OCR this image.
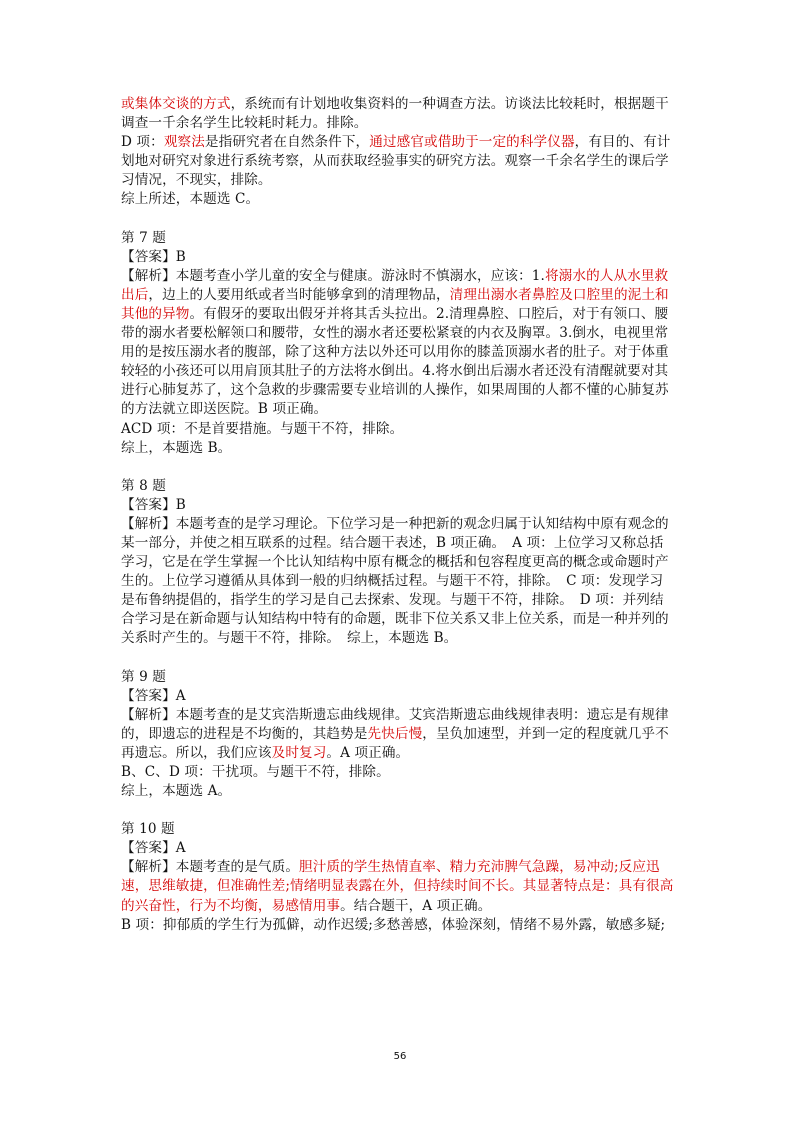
或集体交谈的方式，系统而有计划地收集资料的一种调查方法。访谈法比较耗时，根据题干
调查一千余名学生比较耗时耗力。排除。
D 项：观察法是指研究者在自然条件下，通过感官或借助于一定的科学仪器，有目的、有计
划地对研究对象进行系统考察，从而获取经验事实的研究方法。观察一千余名学生的课后学
习情况，不现实，排除。
综上所述，本题选 C。
第 7 题
【答案】B
【解析】本题考查小学儿童的安全与健康。游泳时不慎溺水，应该：1.将溺水的人从水里救
出后，边上的人要用纸或者当时能够拿到的清理物品，清理出溺水者鼻腔及口腔里的泥土和
其他的异物。有假牙的要取出假牙并将其舌头拉出。2.清理鼻腔、口腔后，对于有领口、腰
带的溺水者要松解领口和腰带，女性的溺水者还要松紧衰的内衣及胸罩。3.倒水，电视里常
用的是按压溺水者的腹部，除了这种方法以外还可以用你的膝盖顶溺水者的肚子。对于体重
较轻的小孩还可以用肩顶其肚子的方法将水倒出。4.将水倒出后溺水者还没有清醒就要对其
进行心肺复苏了，这个急救的步骤需要专业培训的人操作，如果周围的人都不懂的心肺复苏
的方法就立即送医院。B 项正确。
ACD 项：不是首要措施。与题干不符，排除。
综上，本题选 B。
第 8 题
【答案】B
【解析】本题考查的是学习理论。下位学习是一种把新的观念归属于认知结构中原有观念的
某一部分，并使之相互联系的过程。结合题干表述，B 项正确。　A 项：上位学习又称总括
学习，它是在学生掌握一个比认知结构中原有概念的概括和包容程度更高的概念或命题时产
生的。上位学习遵循从具体到一般的归纳概括过程。与题干不符，排除。　C 项：发现学习
是布鲁纳提倡的，指学生的学习是自己去探索、发现。与题干不符，排除。　D 项：并列结
合学习是在新命题与认知结构中特有的命题，既非下位关系又非上位关系，而是一种并列的
关系时产生的。与题干不符，排除。　综上，本题选 B。
第 9 题
【答案】A
【解析】本题考查的是艾宾浩斯遗忘曲线规律。艾宾浩斯遗忘曲线规律表明：遗忘是有规律
的，即遗忘的进程是不均衡的，其趋势是先快后慢，呈负加速型，并到一定的程度就几乎不
再遗忘。所以，我们应该及时复习。A 项正确。
B、C、D 项：干扰项。与题干不符，排除。
综上，本题选 A。
第 10 题
【答案】A
【解析】本题考查的是气质。胆汁质的学生热情直率、精力充沛脾气急躁，易冲动;反应迅
速，思维敏捷，但准确性差;情绪明显表露在外，但持续时间不长。其显著特点是：具有很高
的兴奋性，行为不均衡，易感情用事。结合题干，A 项正确。
B 项：抑郁质的学生行为孤僻，动作迟缓;多愁善感，体验深刻，情绪不易外露，敏感多疑;
56
